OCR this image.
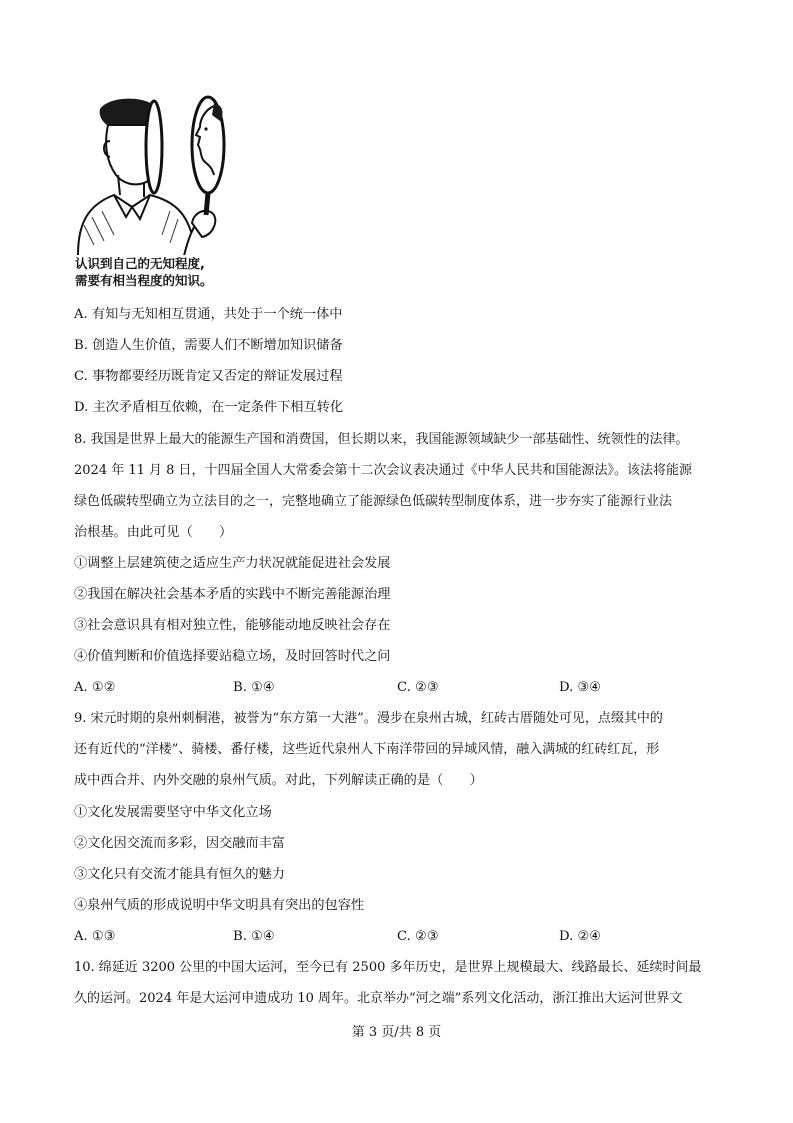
认识到自己的无知程度,
需要有相当程度的知识。
A. 有知与无知相互贯通，共处于一个统一体中
B. 创造人生价值，需要人们不断增加知识储备
C. 事物都要经历既肯定又否定的辩证发展过程
D. 主次矛盾相互依赖，在一定条件下相互转化
8. 我国是世界上最大的能源生产国和消费国，但长期以来，我国能源领域缺少一部基础性、统领性的法律。
2024 年 11 月 8 日，十四届全国人大常委会第十二次会议表决通过《中华人民共和国能源法》。该法将能源
绿色低碳转型确立为立法目的之一，完整地确立了能源绿色低碳转型制度体系，进一步夯实了能源行业法
治根基。由此可见（　　）
①调整上层建筑使之适应生产力状况就能促进社会发展
②我国在解决社会基本矛盾的实践中不断完善能源治理
③社会意识具有相对独立性，能够能动地反映社会存在
④价值判断和价值选择要站稳立场，及时回答时代之问
A. ①②	B. ①④	C. ②③	D. ③④
9. 宋元时期的泉州刺桐港，被誉为“东方第一大港”。漫步在泉州古城，红砖古厝随处可见，点缀其中的
还有近代的“洋楼”、骑楼、番仔楼，这些近代泉州人下南洋带回的异域风情，融入满城的红砖红瓦，形
成中西合并、内外交融的泉州气质。对此，下列解读正确的是（　　）
①文化发展需要坚守中华文化立场
②文化因交流而多彩，因交融而丰富
③文化只有交流才能具有恒久的魅力
④泉州气质的形成说明中华文明具有突出的包容性
A. ①③	B. ①④	C. ②③	D. ②④
10. 绵延近 3200 公里的中国大运河，至今已有 2500 多年历史，是世界上规模最大、线路最长、延续时间最
久的运河。2024 年是大运河申遗成功 10 周年。北京举办“河之端”系列文化活动，浙江推出大运河世界文
第 3 页/共 8 页
